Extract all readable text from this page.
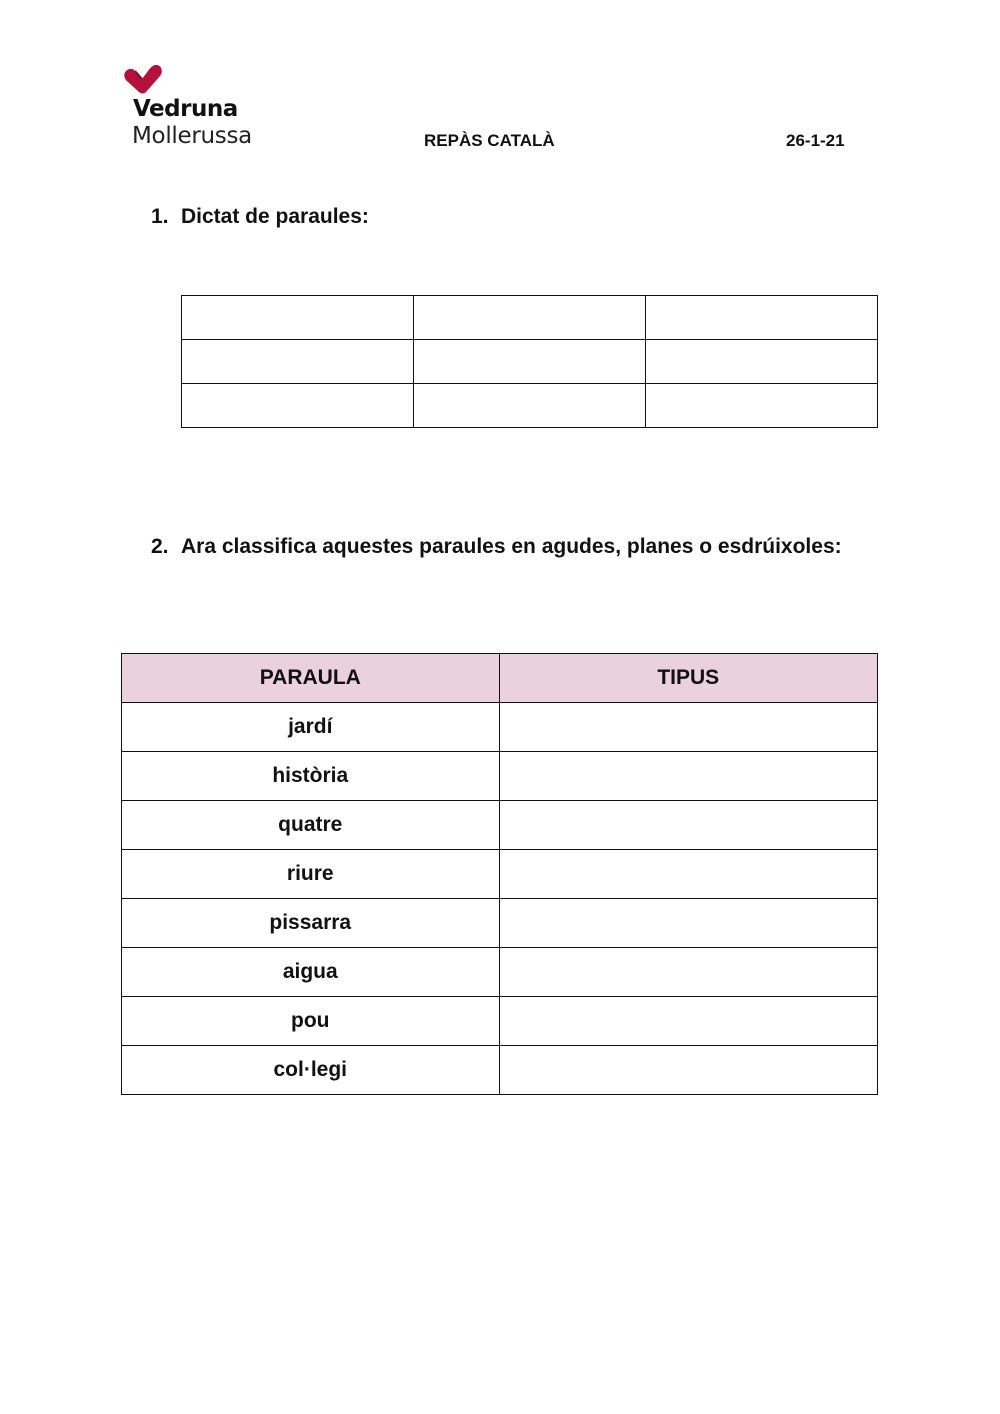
Vedruna
Mollerussa	REPÀS CATALÀ	26-1-21
1. Dictat de paraules:

2. Ara classifica aquestes paraules en agudes, planes o esdrúixoles:
PARAULA	TIPUS
jardí	
història	
quatre	
riure	
pissarra	
aigua	
pou	
col·legi	
